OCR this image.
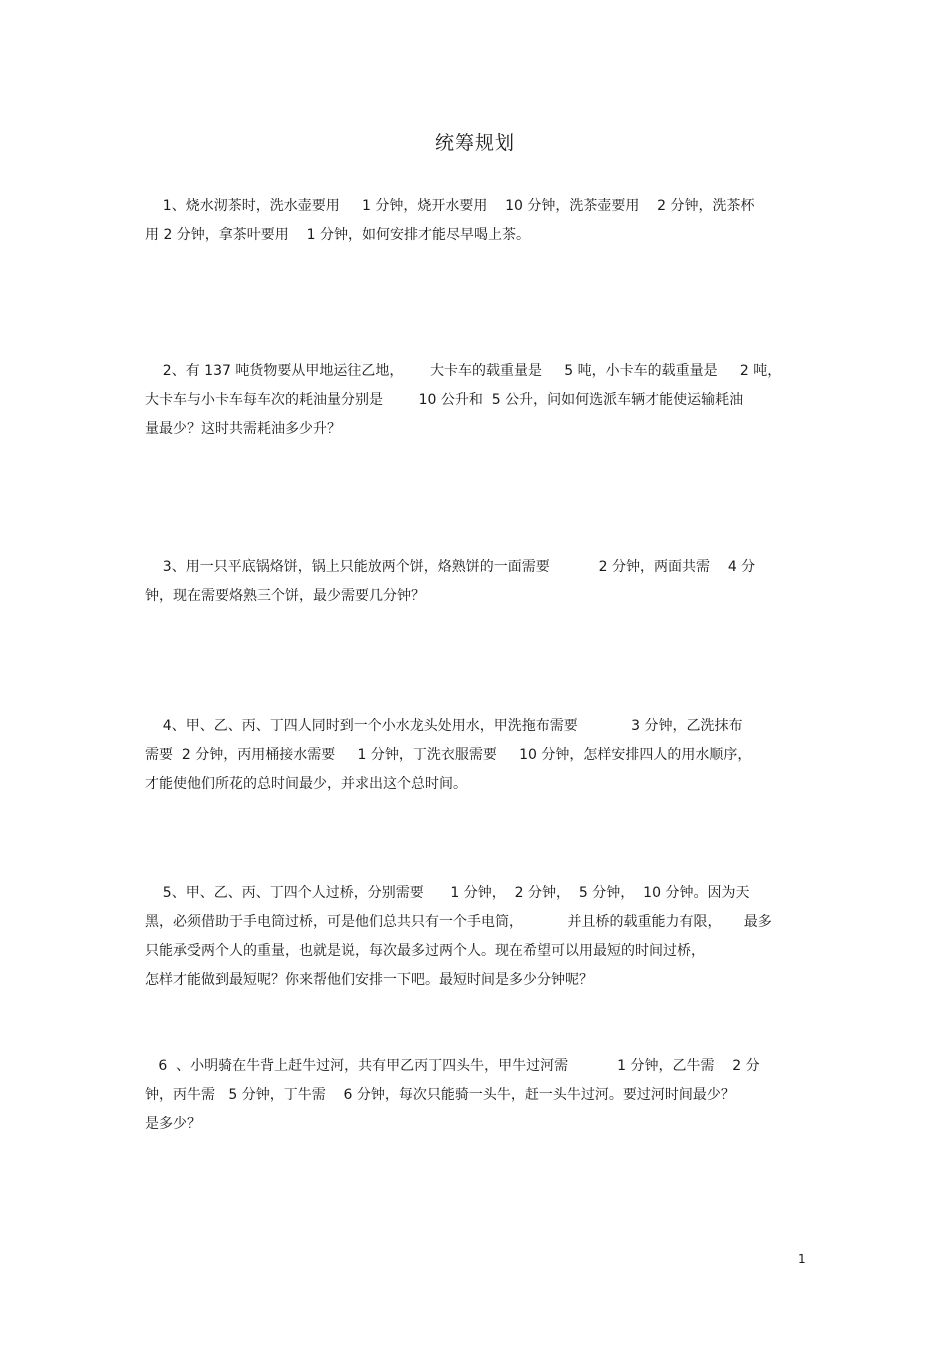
统筹规划
1、烧水沏茶时，洗水壶要用     1 分钟，烧开水要用    10 分钟，洗茶壶要用    2 分钟，洗茶杯
用 2 分钟，拿茶叶要用    1 分钟，如何安排才能尽早喝上茶。
2、有 137 吨货物要从甲地运往乙地，      大卡车的载重量是     5 吨，小卡车的载重量是     2 吨，
大卡车与小卡车每车次的耗油量分别是        10 公升和  5 公升，问如何选派车辆才能使运输耗油
量最少？这时共需耗油多少升？
3、用一只平底锅烙饼，锅上只能放两个饼，烙熟饼的一面需要           2 分钟，两面共需    4 分
钟，现在需要烙熟三个饼，最少需要几分钟？
4、甲、乙、丙、丁四人同时到一个小水龙头处用水，甲洗拖布需要            3 分钟，乙洗抹布
需要  2 分钟，丙用桶接水需要     1 分钟，丁洗衣服需要     10 分钟，怎样安排四人的用水顺序，
才能使他们所花的总时间最少，并求出这个总时间。
5、甲、乙、丙、丁四个人过桥，分别需要      1 分钟，  2 分钟，  5 分钟，  10 分钟。因为天
黑，必须借助于手电筒过桥，可是他们总共只有一个手电筒，          并且桥的载重能力有限，     最多
只能承受两个人的重量，也就是说，每次最多过两个人。现在希望可以用最短的时间过桥，
怎样才能做到最短呢？你来帮他们安排一下吧。最短时间是多少分钟呢？
6  、小明骑在牛背上赶牛过河，共有甲乙丙丁四头牛，甲牛过河需           1 分钟，乙牛需    2 分
钟，丙牛需   5 分钟，丁牛需    6 分钟，每次只能骑一头牛，赶一头牛过河。要过河时间最少？
是多少？
1
